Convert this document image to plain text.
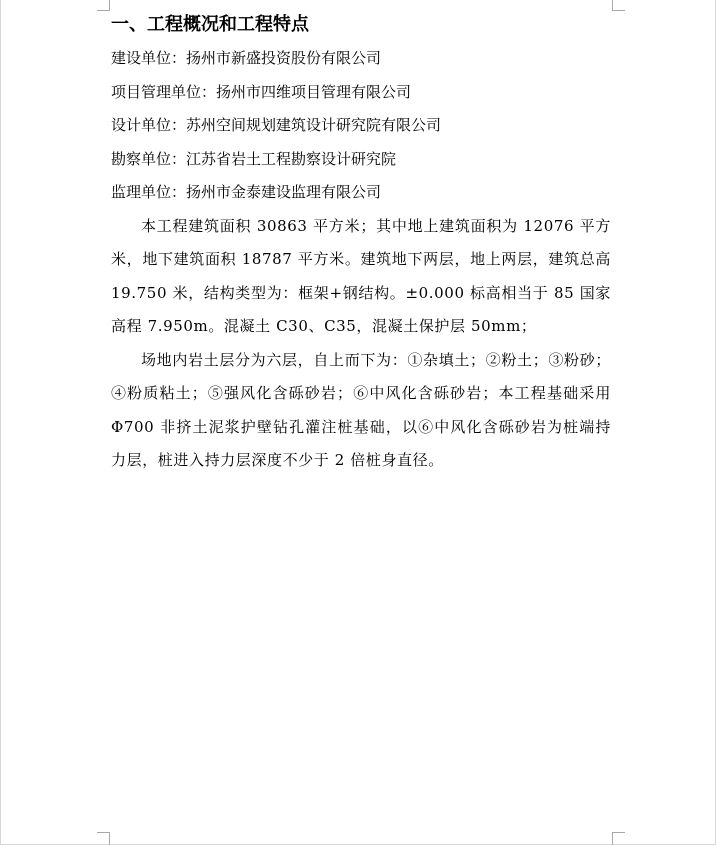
一、工程概况和工程特点

建设单位：扬州市新盛投资股份有限公司

项目管理单位：扬州市四维项目管理有限公司

设计单位：苏州空间规划建筑设计研究院有限公司

勘察单位：江苏省岩土工程勘察设计研究院

监理单位：扬州市金泰建设监理有限公司

本工程建筑面积 30863 平方米；其中地上建筑面积为 12076 平方米，地下建筑面积 18787 平方米。建筑地下两层，地上两层，建筑总高 19.750 米，结构类型为：框架+钢结构。±0.000 标高相当于 85 国家高程 7.950m。混凝土 C30、C35，混凝土保护层 50mm；

场地内岩土层分为六层，自上而下为：①杂填土；②粉土；③粉砂；④粉质粘土；⑤强风化含砾砂岩；⑥中风化含砾砂岩；本工程基础采用 Φ700 非挤土泥浆护壁钻孔灌注桩基础，以⑥中风化含砾砂岩为桩端持力层，桩进入持力层深度不少于 2 倍桩身直径。
